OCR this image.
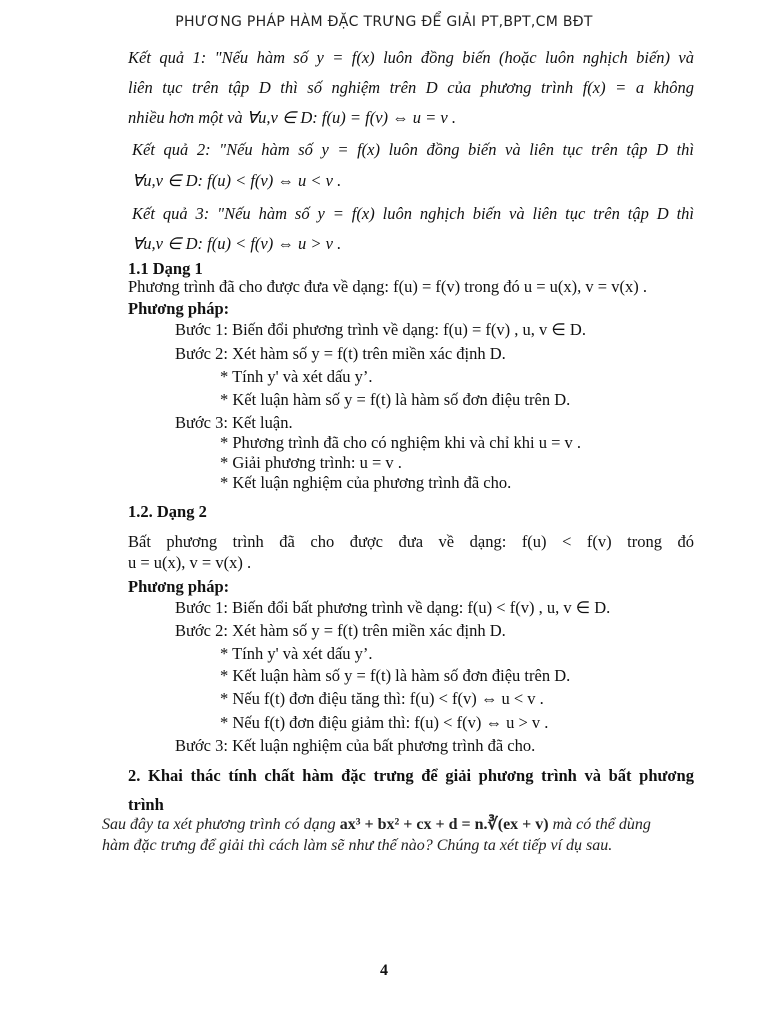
PHƯƠNG PHÁP HÀM ĐẶC TRƯNG ĐỂ GIẢI PT,BPT,CM BĐT
Kết quả 1: "Nếu hàm số y = f(x) luôn đồng biến (hoặc luôn nghịch biến) và
liên tục trên tập D thì số nghiệm trên D của phương trình f(x) = a không
nhiều hơn một và ∀u,v ∈ D: f(u) = f(v) ⇔ u = v .
Kết quả 2: "Nếu hàm số y = f(x) luôn đồng biến và liên tục trên tập D thì
∀u,v ∈ D: f(u) < f(v) ⇔ u < v .
Kết quả 3: "Nếu hàm số y = f(x) luôn nghịch biến và liên tục trên tập D thì
∀u,v ∈ D: f(u) < f(v) ⇔ u > v .
1.1 Dạng 1
Phương trình đã cho được đưa về dạng: f(u) = f(v) trong đó u = u(x), v = v(x) .
Phương pháp:
Bước 1: Biến đổi phương trình về dạng: f(u) = f(v) , u, v ∈ D.
Bước 2: Xét hàm số y = f(t) trên miền xác định D.
* Tính y' và xét dấu y’.
* Kết luận hàm số y = f(t) là hàm số đơn điệu trên D.
Bước 3: Kết luận.
* Phương trình đã cho có nghiệm khi và chỉ khi u = v .
* Giải phương trình: u = v .
* Kết luận nghiệm của phương trình đã cho.
1.2. Dạng 2
Bất phương trình đã cho được đưa về dạng: f(u) < f(v) trong đó
u = u(x), v = v(x) .
Phương pháp:
Bước 1: Biến đổi bất phương trình về dạng: f(u) < f(v) , u, v ∈ D.
Bước 2: Xét hàm số y = f(t) trên miền xác định D.
* Tính y' và xét dấu y’.
* Kết luận hàm số y = f(t) là hàm số đơn điệu trên D.
* Nếu f(t) đơn điệu tăng thì: f(u) < f(v) ⇔ u < v .
* Nếu f(t) đơn điệu giảm thì: f(u) < f(v) ⇔ u > v .
Bước 3: Kết luận nghiệm của bất phương trình đã cho.
2. Khai thác tính chất hàm đặc trưng để giải phương trình và bất phương
trình
Sau đây ta xét phương trình có dạng ax³ + bx² + cx + d = n.∛(ex + v) mà có thể dùng hàm đặc trưng để giải thì cách làm sẽ như thế nào? Chúng ta xét tiếp ví dụ sau.
4
